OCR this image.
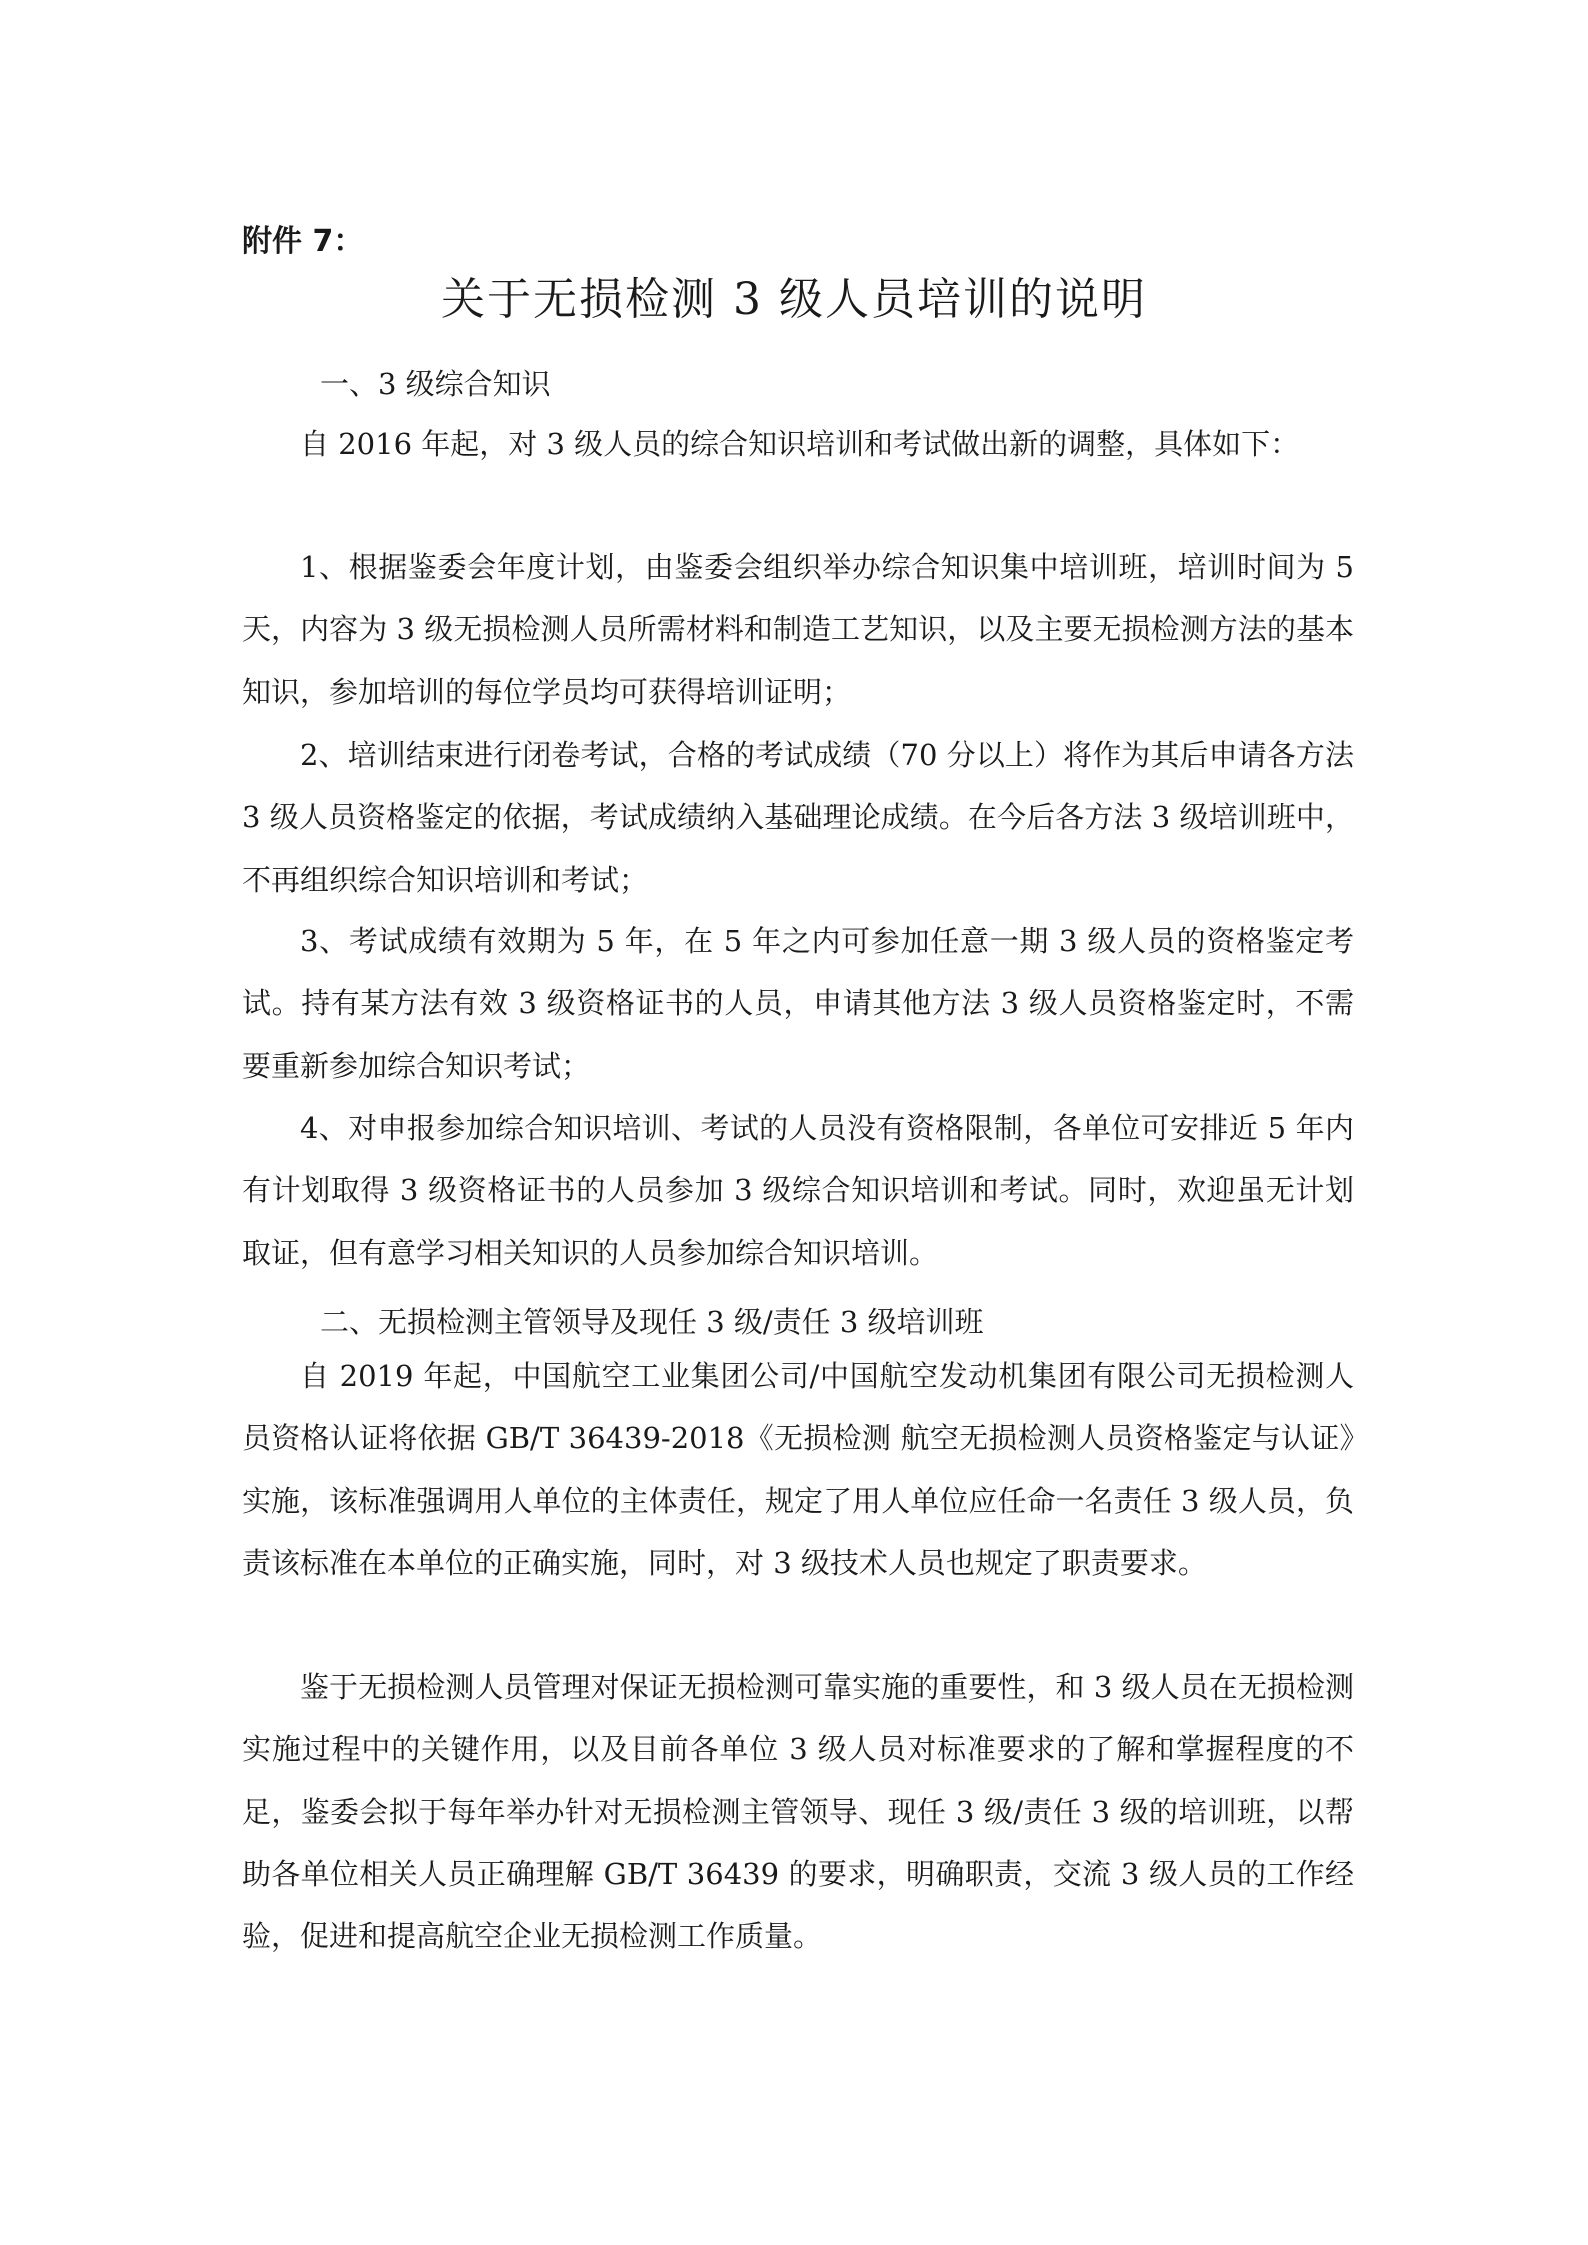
附件 7：
关于无损检测 3 级人员培训的说明
一、3 级综合知识

自 2016 年起，对 3 级人员的综合知识培训和考试做出新的调整，具体如下：

1、根据鉴委会年度计划，由鉴委会组织举办综合知识集中培训班，培训时间为 5 天，内容为 3 级无损检测人员所需材料和制造工艺知识，以及主要无损检测方法的基本知识，参加培训的每位学员均可获得培训证明；

2、培训结束进行闭卷考试，合格的考试成绩（70 分以上）将作为其后申请各方法 3 级人员资格鉴定的依据，考试成绩纳入基础理论成绩。在今后各方法 3 级培训班中，不再组织综合知识培训和考试；

3、考试成绩有效期为 5 年，在 5 年之内可参加任意一期 3 级人员的资格鉴定考试。持有某方法有效 3 级资格证书的人员，申请其他方法 3 级人员资格鉴定时，不需要重新参加综合知识考试；

4、对申报参加综合知识培训、考试的人员没有资格限制，各单位可安排近 5 年内有计划取得 3 级资格证书的人员参加 3 级综合知识培训和考试。同时，欢迎虽无计划取证，但有意学习相关知识的人员参加综合知识培训。

二、无损检测主管领导及现任 3 级/责任 3 级培训班

自 2019 年起，中国航空工业集团公司/中国航空发动机集团有限公司无损检测人员资格认证将依据 GB/T 36439-2018《无损检测 航空无损检测人员资格鉴定与认证》实施，该标准强调用人单位的主体责任，规定了用人单位应任命一名责任 3 级人员，负责该标准在本单位的正确实施，同时，对 3 级技术人员也规定了职责要求。

鉴于无损检测人员管理对保证无损检测可靠实施的重要性，和 3 级人员在无损检测实施过程中的关键作用，以及目前各单位 3 级人员对标准要求的了解和掌握程度的不足，鉴委会拟于每年举办针对无损检测主管领导、现任 3 级/责任 3 级的培训班，以帮助各单位相关人员正确理解 GB/T 36439 的要求，明确职责，交流 3 级人员的工作经验，促进和提高航空企业无损检测工作质量。
